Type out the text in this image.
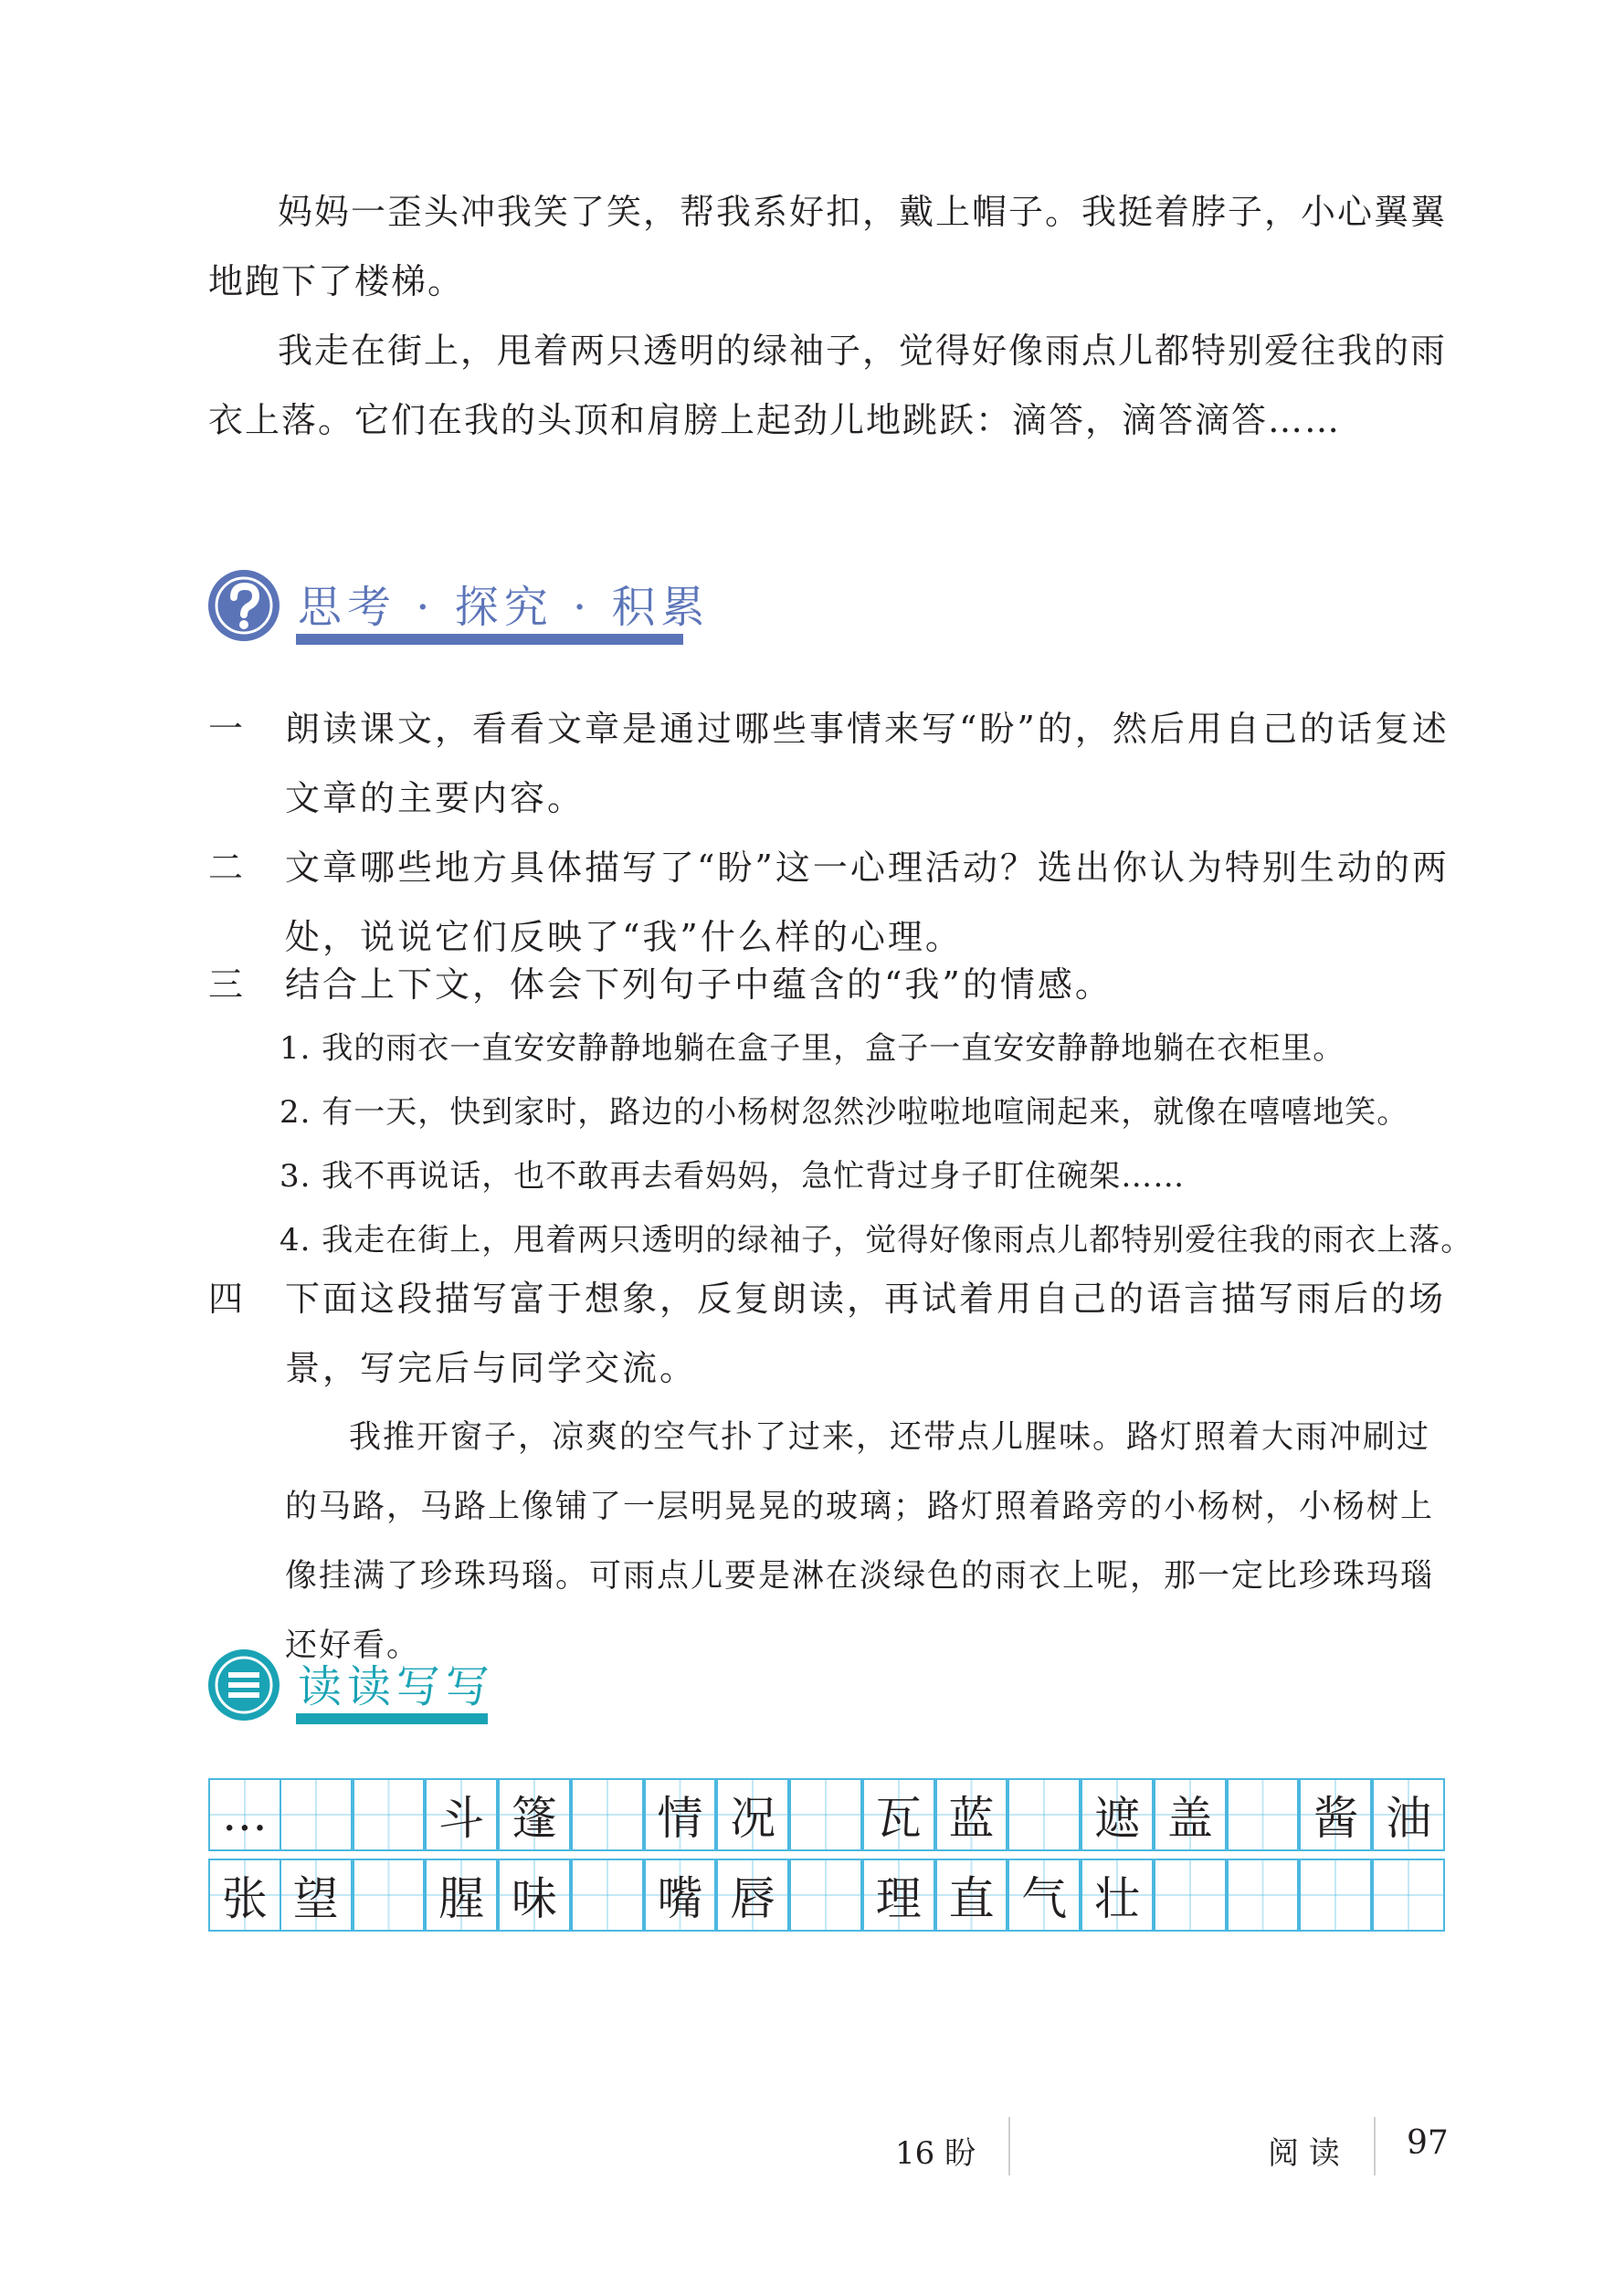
妈妈一歪头冲我笑了笑，帮我系好扣，戴上帽子。我挺着脖子，小心翼翼地跑下了楼梯。

我走在街上，甩着两只透明的绿袖子，觉得好像雨点儿都特别爱往我的雨衣上落。它们在我的头顶和肩膀上起劲儿地跳跃：滴答，滴答滴答……

思考 · 探究 · 积累
一 朗读课文，看看文章是通过哪些事情来写“盼”的，然后用自己的话复述文章的主要内容。

二 文章哪些地方具体描写了“盼”这一心理活动？选出你认为特别生动的两处，说说它们反映了“我”什么样的心理。

三 结合上下文，体会下列句子中蕴含的“我”的情感。

1. 我的雨衣一直安安静静地躺在盒子里，盒子一直安安静静地躺在衣柜里。
2. 有一天，快到家时，路边的小杨树忽然沙啦啦地喧闹起来，就像在嘻嘻地笑。
3. 我不再说话，也不敢再去看妈妈，急忙背过身子盯住碗架……
4. 我走在街上，甩着两只透明的绿袖子，觉得好像雨点儿都特别爱往我的雨衣上落。
四 下面这段描写富于想象，反复朗读，再试着用自己的语言描写雨后的场景，写完后与同学交流。

我推开窗子，凉爽的空气扑了过来，还带点儿腥味。路灯照着大雨冲刷过的马路，马路上像铺了一层明晃晃的玻璃；路灯照着路旁的小杨树，小杨树上像挂满了珍珠玛瑙。可雨点儿要是淋在淡绿色的雨衣上呢，那一定比珍珠玛瑙还好看。

读读写写
…	斗 篷 情 况 瓦 蓝 遮 盖 酱 油
张 望 腥 味 嘴 唇 理 直 气 壮
16 盼	阅 读 97
